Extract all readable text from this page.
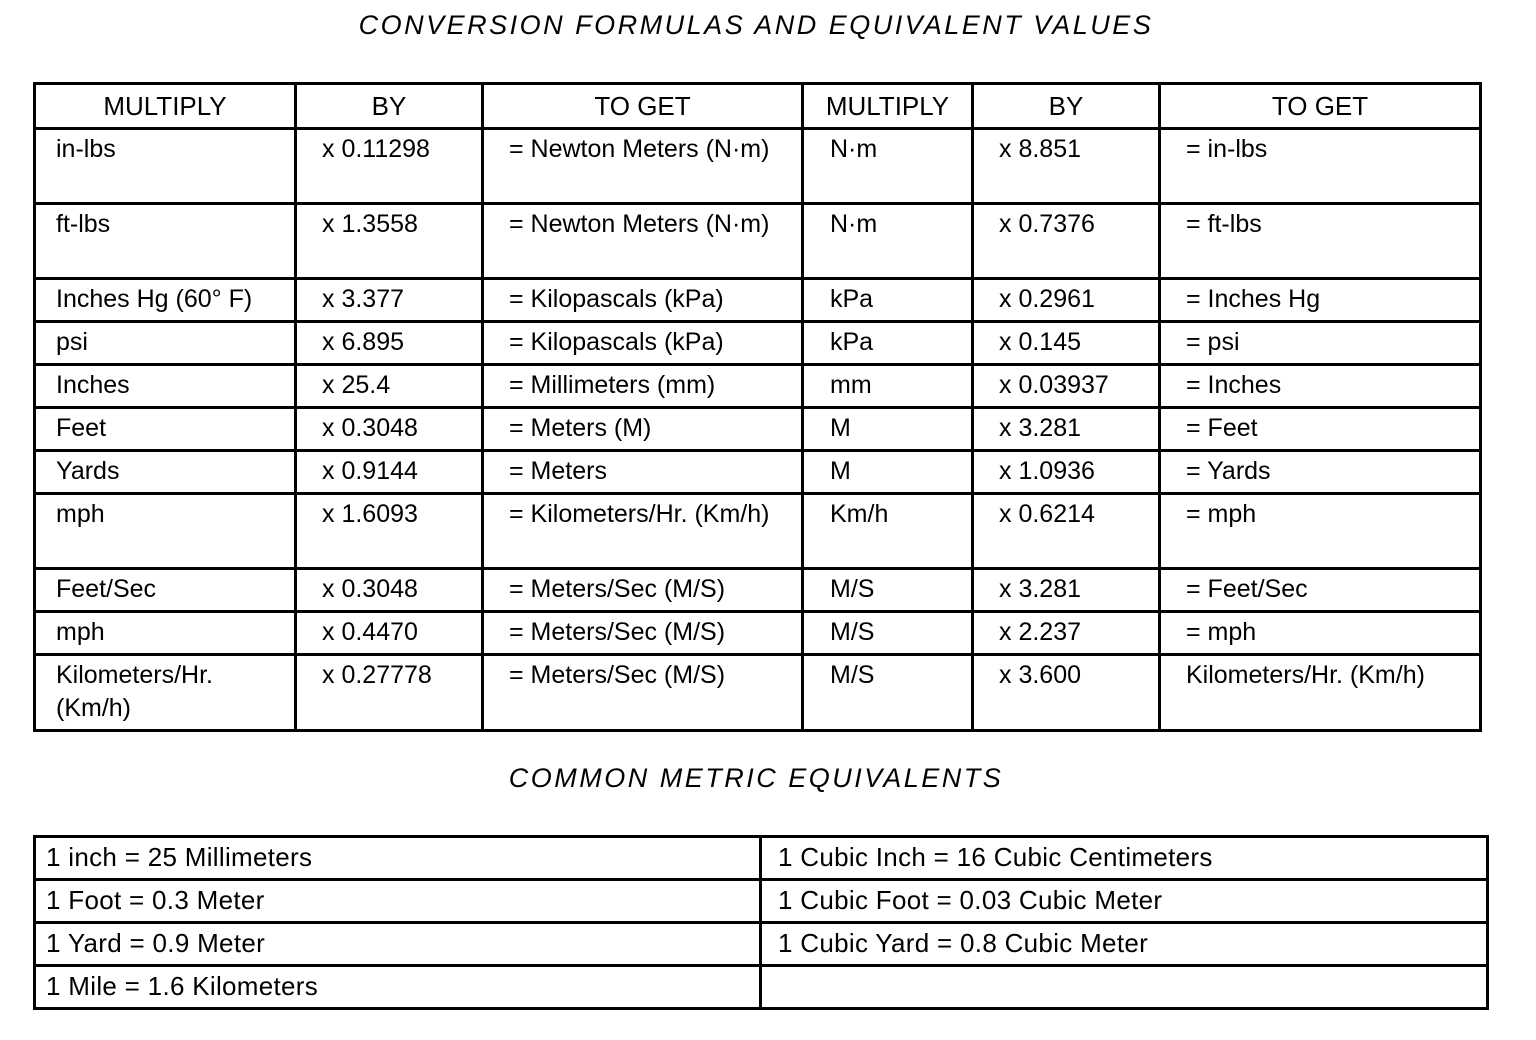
CONVERSION FORMULAS AND EQUIVALENT VALUES
MULTIPLY	BY	TO GET	MULTIPLY	BY	TO GET
in-lbs	x 0.11298	= Newton Meters (N·m)	N·m	x 8.851	= in-lbs
ft-lbs	x 1.3558	= Newton Meters (N·m)	N·m	x 0.7376	= ft-lbs
Inches Hg (60° F)	x 3.377	= Kilopascals (kPa)	kPa	x 0.2961	= Inches Hg
psi	x 6.895	= Kilopascals (kPa)	kPa	x 0.145	= psi
Inches	x 25.4	= Millimeters (mm)	mm	x 0.03937	= Inches
Feet	x 0.3048	= Meters (M)	M	x 3.281	= Feet
Yards	x 0.9144	= Meters	M	x 1.0936	= Yards
mph	x 1.6093	= Kilometers/Hr. (Km/h)	Km/h	x 0.6214	= mph
Feet/Sec	x 0.3048	= Meters/Sec (M/S)	M/S	x 3.281	= Feet/Sec
mph	x 0.4470	= Meters/Sec (M/S)	M/S	x 2.237	= mph
Kilometers/Hr. (Km/h)	x 0.27778	= Meters/Sec (M/S)	M/S	x 3.600	Kilometers/Hr. (Km/h)
COMMON METRIC EQUIVALENTS
1 inch = 25 Millimeters	1 Cubic Inch = 16 Cubic Centimeters
1 Foot = 0.3 Meter	1 Cubic Foot = 0.03 Cubic Meter
1 Yard = 0.9 Meter	1 Cubic Yard = 0.8 Cubic Meter
1 Mile = 1.6 Kilometers	
